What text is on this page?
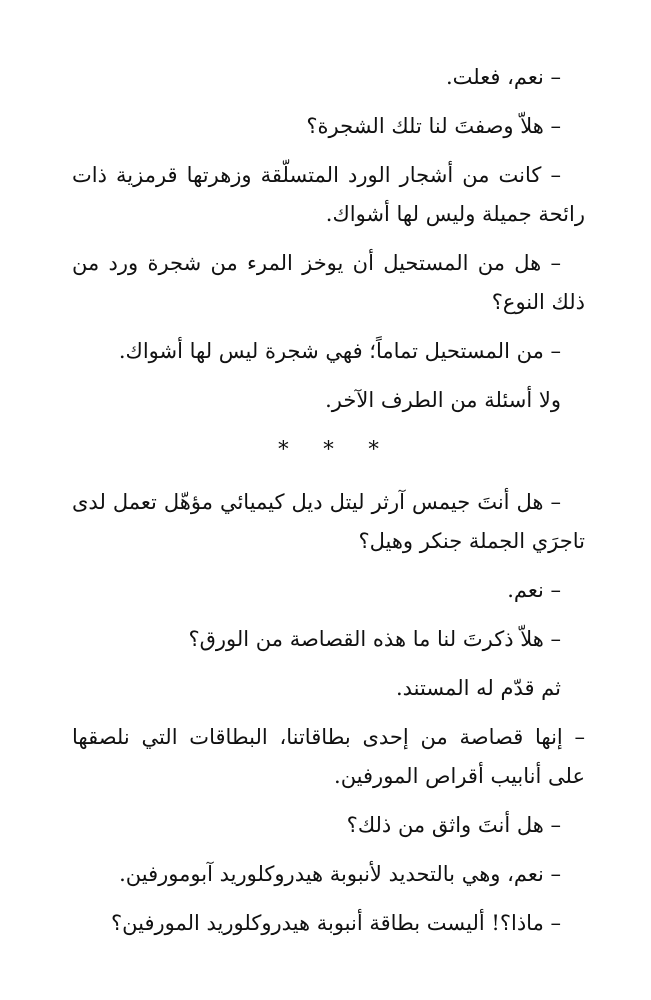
– نعم، فعلت.

– هلاّ وصفتَ لنا تلك الشجرة؟

– كانت من أشجار الورد المتسلّقة وزهرتها قرمزية ذات رائحة جميلة وليس لها أشواك.

– هل من المستحيل أن يوخز المرء من شجرة ورد من ذلك النوع؟

– من المستحيل تماماً؛ فهي شجرة ليس لها أشواك.

ولا أسئلة من الطرف الآخر.

* * *

– هل أنتَ جيمس آرثر ليتل ديل كيميائي مؤهّل تعمل لدى تاجرَي الجملة جنكر وهيل؟

– نعم.

– هلاّ ذكرتَ لنا ما هذه القصاصة من الورق؟

ثم قدّم له المستند.

– إنها قصاصة من إحدى بطاقاتنا، البطاقات التي نلصقها على أنابيب أقراص المورفين.

– هل أنتَ واثق من ذلك؟

– نعم، وهي بالتحديد لأنبوبة هيدروكلوريد آبومورفين.

– ماذا؟! أليست بطاقة أنبوبة هيدروكلوريد المورفين؟
